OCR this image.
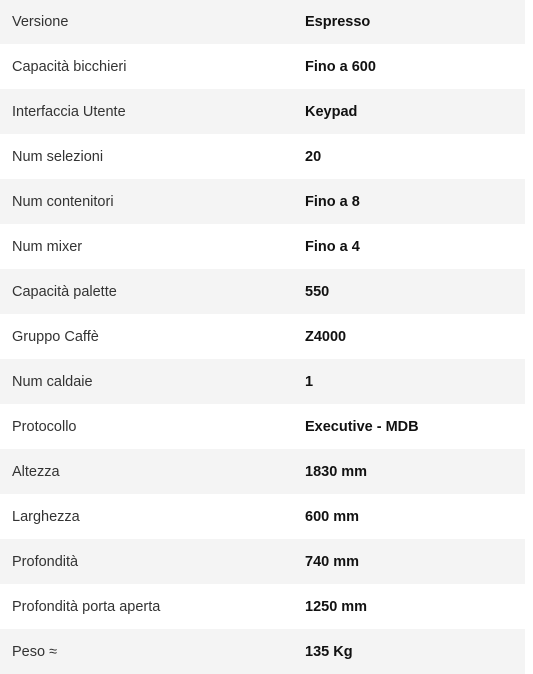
Versione	Espresso
Capacità bicchieri	Fino a 600
Interfaccia Utente	Keypad
Num selezioni	20
Num contenitori	Fino a 8
Num mixer	Fino a 4
Capacità palette	550
Gruppo Caffè	Z4000
Num caldaie	1
Protocollo	Executive - MDB
Altezza	1830 mm
Larghezza	600 mm
Profondità	740 mm
Profondità porta aperta	1250 mm
Peso ≈	135 Kg
